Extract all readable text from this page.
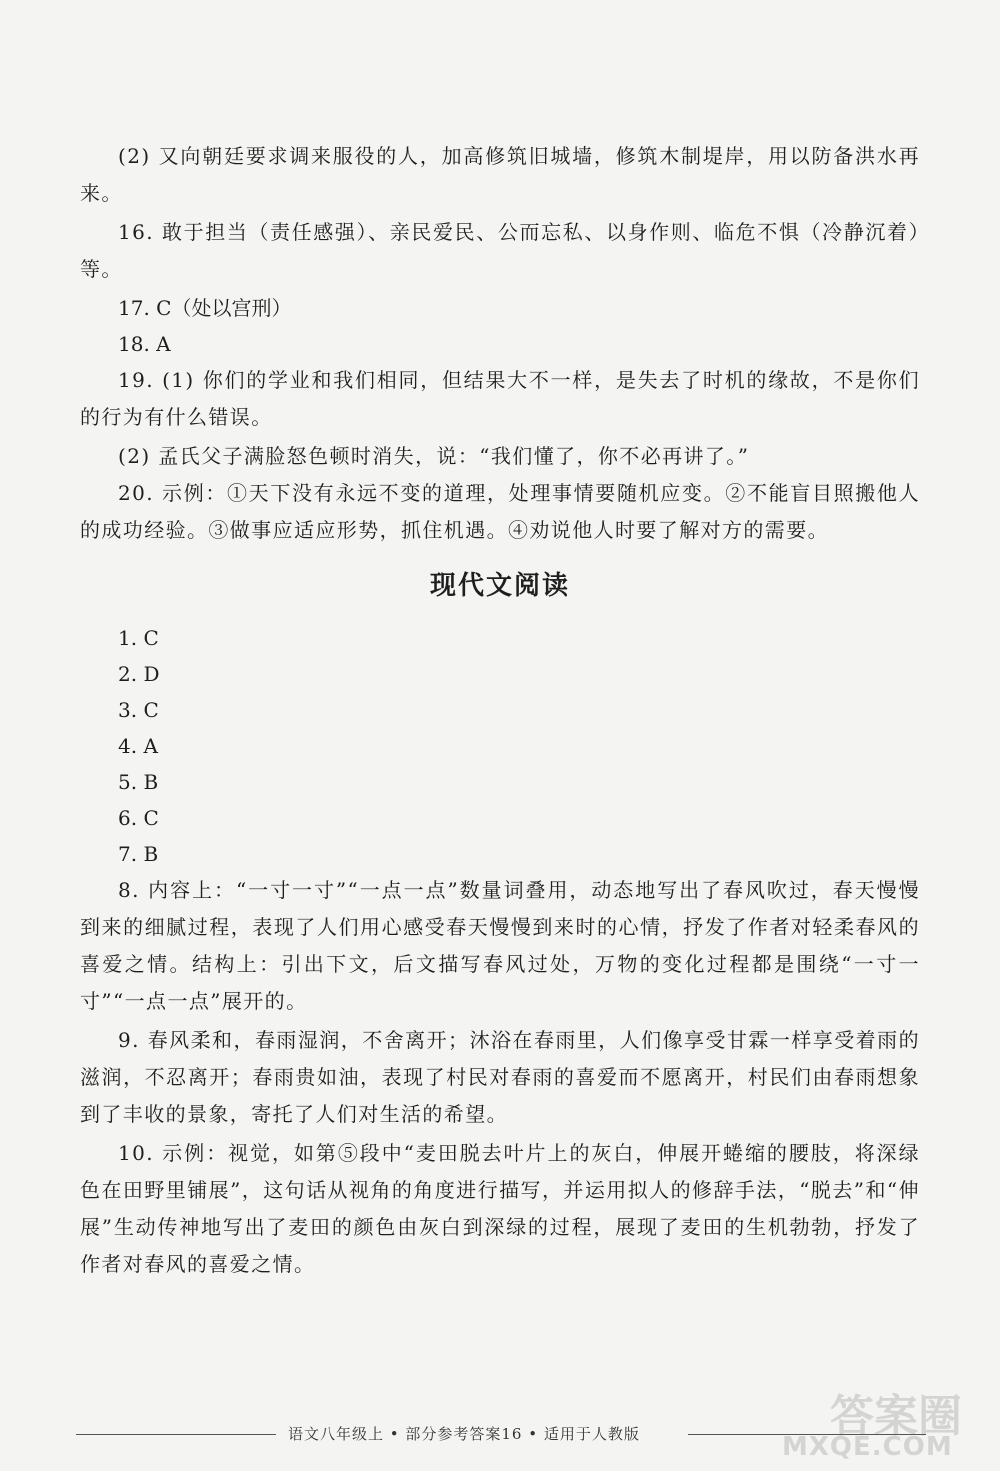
(2) 又向朝廷要求调来服役的人，加高修筑旧城墙，修筑木制堤岸，用以防备洪水再来。

16. 敢于担当（责任感强）、亲民爱民、公而忘私、以身作则、临危不惧（冷静沉着）等。

17. C（处以宫刑）

18. A

19. (1) 你们的学业和我们相同，但结果大不一样，是失去了时机的缘故，不是你们的行为有什么错误。

(2) 孟氏父子满脸怒色顿时消失，说：“我们懂了，你不必再讲了。”

20. 示例：①天下没有永远不变的道理，处理事情要随机应变。②不能盲目照搬他人的成功经验。③做事应适应形势，抓住机遇。④劝说他人时要了解对方的需要。

现代文阅读

1. C

2. D

3. C

4. A

5. B

6. C

7. B

8. 内容上：“一寸一寸”“一点一点”数量词叠用，动态地写出了春风吹过，春天慢慢到来的细腻过程，表现了人们用心感受春天慢慢到来时的心情，抒发了作者对轻柔春风的喜爱之情。结构上：引出下文，后文描写春风过处，万物的变化过程都是围绕“一寸一寸”“一点一点”展开的。

9. 春风柔和，春雨湿润，不舍离开；沐浴在春雨里，人们像享受甘霖一样享受着雨的滋润，不忍离开；春雨贵如油，表现了村民对春雨的喜爱而不愿离开，村民们由春雨想象到了丰收的景象，寄托了人们对生活的希望。

10. 示例：视觉，如第⑤段中“麦田脱去叶片上的灰白，伸展开蜷缩的腰肢，将深绿色在田野里铺展”，这句话从视角的角度进行描写，并运用拟人的修辞手法，“脱去”和“伸展”生动传神地写出了麦田的颜色由灰白到深绿的过程，展现了麦田的生机勃勃，抒发了作者对春风的喜爱之情。

语文八年级上 • 部分参考答案16 • 适用于人教版	答案圈
MXQE.COM
